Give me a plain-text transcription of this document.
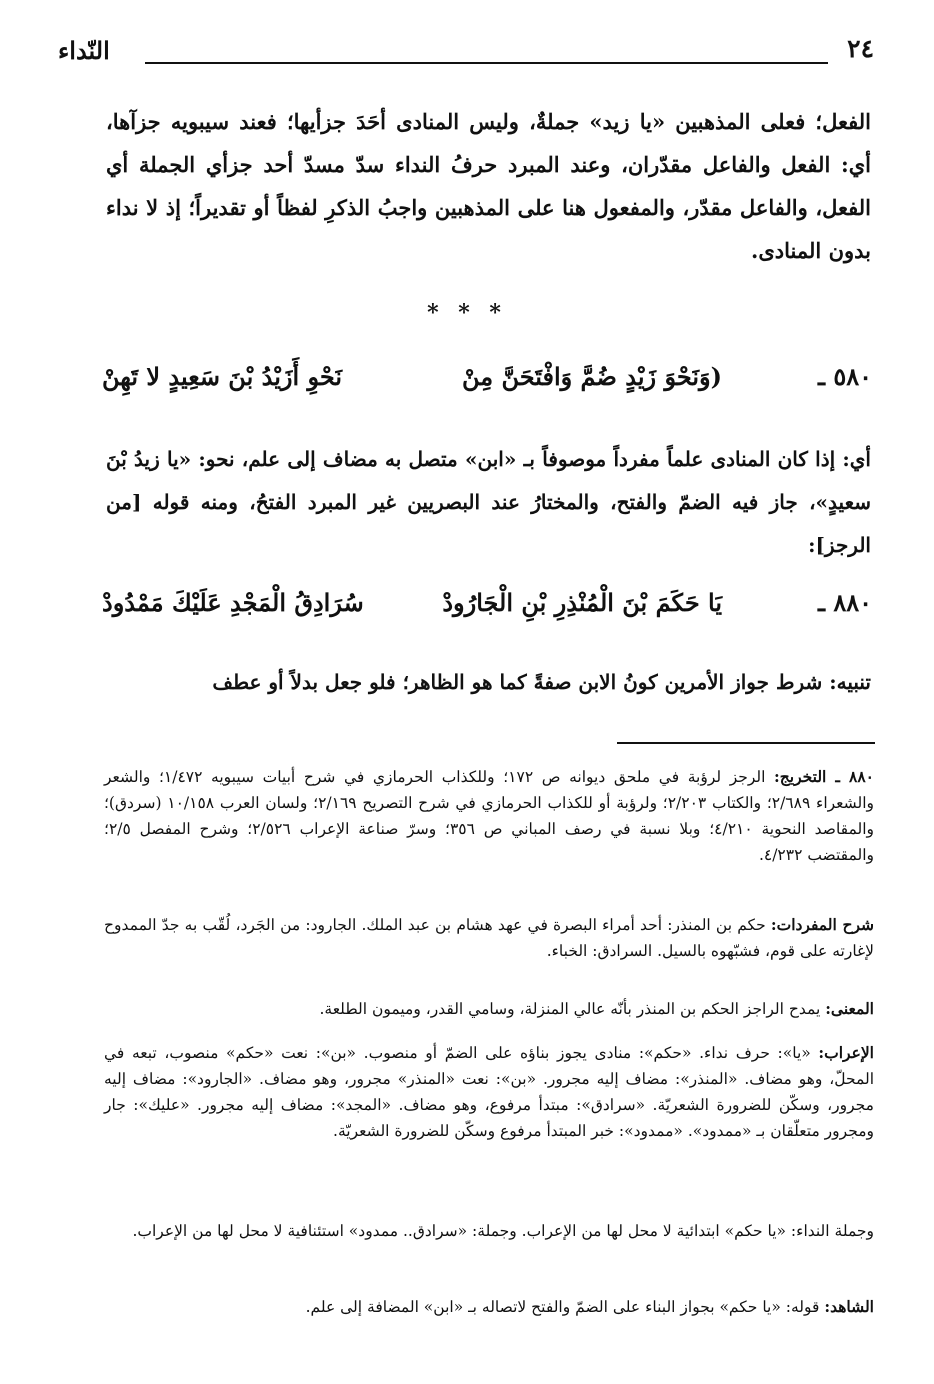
النّداء	٢٤

الفعل؛ فعلى المذهبين «يا زيد» جملةٌ، وليس المنادى أحَدَ جزأيها؛ فعند سيبويه جزآها، أي: الفعل والفاعل مقدّران، وعند المبرد حرفُ النداء سدّ مسدّ أحد جزأي الجملة أي الفعل، والفاعل مقدّر، والمفعول هنا على المذهبين واجبُ الذكرِ لفظاً أو تقديراً؛ إذ لا نداء بدون المنادى.

* * *
٥٨٠ ـ
(وَنَحْوَ زَيْدٍ ضُمَّ وَافْتَحَنَّ مِنْ
نَحْوِ أَزَيْدُ بْنَ سَعِيدٍ لا تَهِنْ

أي: إذا كان المنادى علماً مفرداً موصوفاً بـ «ابن» متصل به مضاف إلى علم، نحو: «يا زيدُ بْنَ سعيدٍ»، جاز فيه الضمّ والفتح، والمختارُ عند البصريين غير المبرد الفتحُ، ومنه قوله [من الرجز]:

٨٨٠ ـ
يَا حَكَمَ بْنَ الْمُنْذِرِ بْنِ الْجَارُودْ
سُرَادِقُ الْمَجْدِ عَلَيْكَ مَمْدُودْ

تنبيه: شرط جواز الأمرين كونُ الابن صفةً كما هو الظاهر؛ فلو جعل بدلاً أو عطف

٨٨٠ ـ التخريج: الرجز لرؤبة في ملحق ديوانه ص ١٧٢؛ وللكذاب الحرمازي في شرح أبيات سيبويه ١/٤٧٢؛ والشعر والشعراء ٢/٦٨٩؛ والكتاب ٢/٢٠٣؛ ولرؤبة أو للكذاب الحرمازي في شرح التصريح ٢/١٦٩؛ ولسان العرب ١٠/١٥٨ (سردق)؛ والمقاصد النحوية ٤/٢١٠؛ وبلا نسبة في رصف المباني ص ٣٥٦؛ وسرّ صناعة الإعراب ٢/٥٢٦؛ وشرح المفصل ٢/٥؛ والمقتضب ٤/٢٣٢.

شرح المفردات: حكم بن المنذر: أحد أمراء البصرة في عهد هشام بن عبد الملك. الجارود: من الجَرد، لُقّب به جدّ الممدوح لإغارته على قوم، فشبّهوه بالسيل. السرادق: الخباء.

المعنى: يمدح الراجز الحكم بن المنذر بأنّه عالي المنزلة، وسامي القدر، وميمون الطلعة.

الإعراب: «يا»: حرف نداء. «حكم»: منادى يجوز بناؤه على الضمّ أو منصوب. «بن»: نعت «حكم» منصوب، تبعه في المحلّ، وهو مضاف. «المنذر»: مضاف إليه مجرور. «بن»: نعت «المنذر» مجرور، وهو مضاف. «الجارود»: مضاف إليه مجرور، وسكّن للضرورة الشعريّة. «سرادق»: مبتدأ مرفوع، وهو مضاف. «المجد»: مضاف إليه مجرور. «عليك»: جار ومجرور متعلّقان بـ «ممدود». «ممدود»: خبر المبتدأ مرفوع وسكّن للضرورة الشعريّة.

وجملة النداء: «يا حكم» ابتدائية لا محل لها من الإعراب. وجملة: «سرادق.. ممدود» استئنافية لا محل لها من الإعراب.

الشاهد: قوله: «يا حكم» بجواز البناء على الضمّ والفتح لاتصاله بـ «ابن» المضافة إلى علم.
